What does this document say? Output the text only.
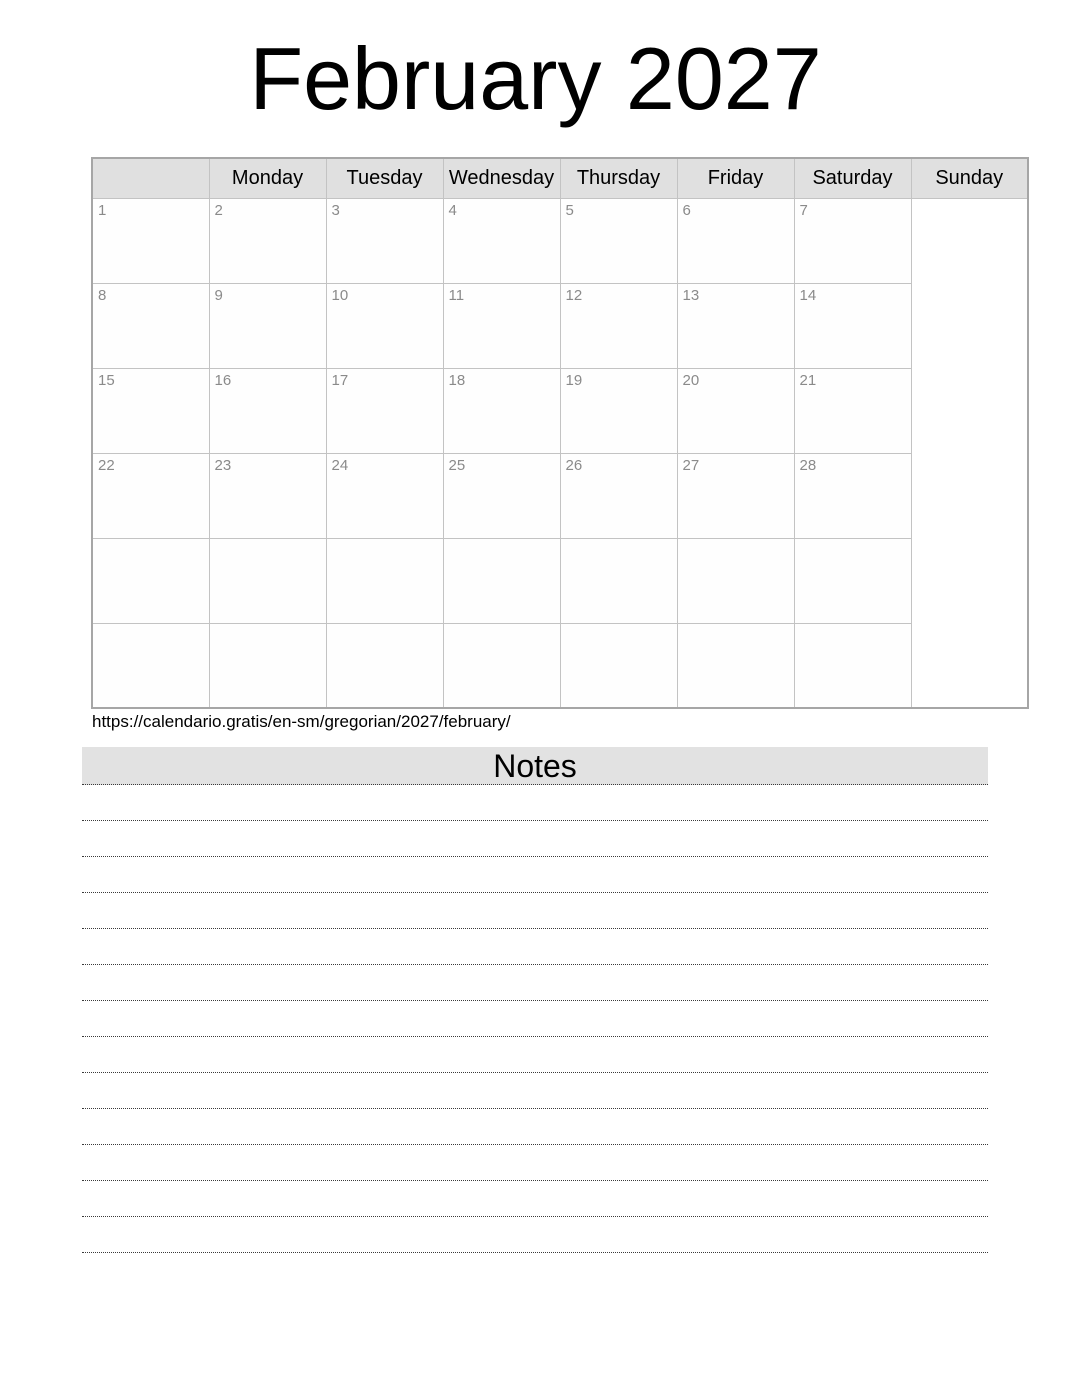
February 2027
	Monday	Tuesday	Wednesday	Thursday	Friday	Saturday	Sunday
1	2	3	4	5	6	7	
8	9	10	11	12	13	14	
15	16	17	18	19	20	21	
22	23	24	25	26	27	28	

https://calendario.gratis/en-sm/gregorian/2027/february/
Notes
